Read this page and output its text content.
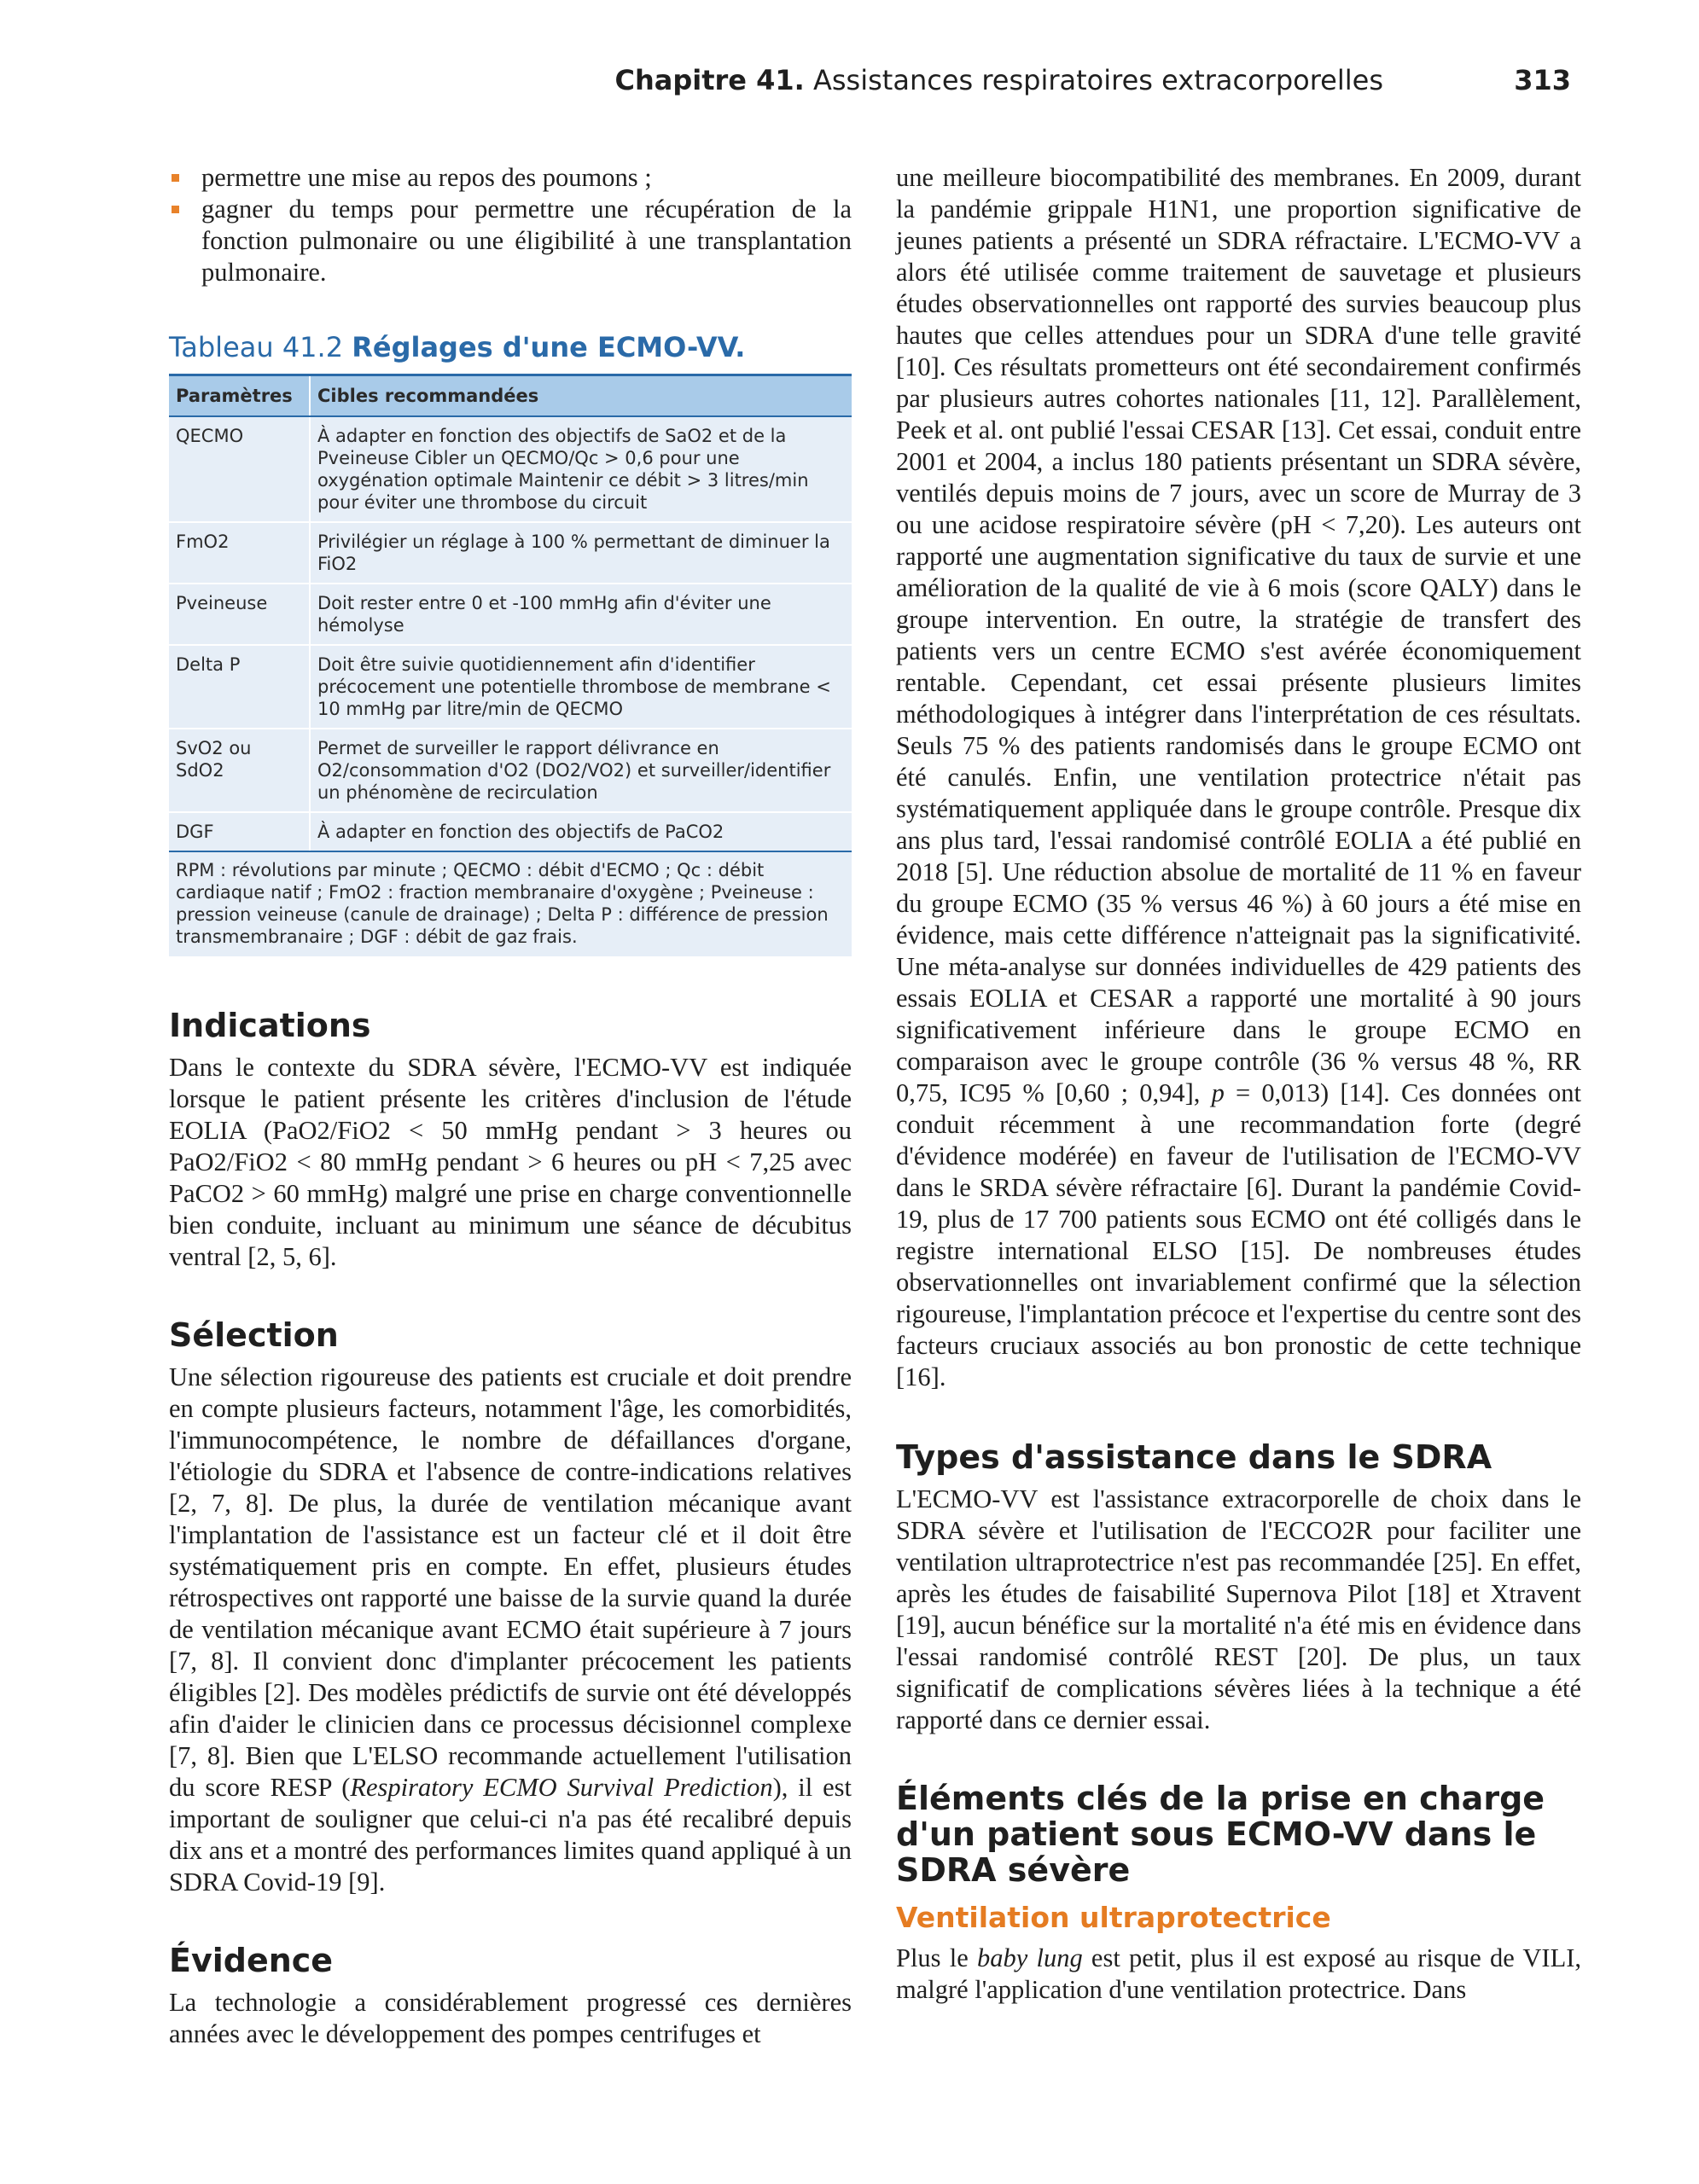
Chapitre 41. Assistances respiratoires extracorporelles	313
permettre une mise au repos des poumons ;
gagner du temps pour permettre une récupération de la fonction pulmonaire ou une éligibilité à une transplantation pulmonaire.
Tableau 41.2 Réglages d'une ECMO-VV.
Paramètres	Cibles recommandées
QECMO	À adapter en fonction des objectifs de SaO2 et de la Pveineuse Cibler un QECMO/Qc > 0,6 pour une oxygénation optimale Maintenir ce débit > 3 litres/min pour éviter une thrombose du circuit
FmO2	Privilégier un réglage à 100 % permettant de diminuer la FiO2
Pveineuse	Doit rester entre 0 et -100 mmHg afin d'éviter une hémolyse
Delta P	Doit être suivie quotidiennement afin d'identifier précocement une potentielle thrombose de membrane < 10 mmHg par litre/min de QECMO
SvO2 ou SdO2	Permet de surveiller le rapport délivrance en O2/consommation d'O2 (DO2/VO2) et surveiller/identifier un phénomène de recirculation
DGF	À adapter en fonction des objectifs de PaCO2
RPM : révolutions par minute ; QECMO : débit d'ECMO ; Qc : débit cardiaque natif ; FmO2 : fraction membranaire d'oxygène ; Pveineuse : pression veineuse (canule de drainage) ; Delta P : différence de pression transmembranaire ; DGF : débit de gaz frais.
Indications

Dans le contexte du SDRA sévère, l'ECMO-VV est indiquée lorsque le patient présente les critères d'inclusion de l'étude EOLIA (PaO2/FiO2 < 50 mmHg pendant > 3 heures ou PaO2/FiO2 < 80 mmHg pendant > 6 heures ou pH < 7,25 avec PaCO2 > 60 mmHg) malgré une prise en charge conventionnelle bien conduite, incluant au minimum une séance de décubitus ventral [2, 5, 6].

Sélection

Une sélection rigoureuse des patients est cruciale et doit prendre en compte plusieurs facteurs, notamment l'âge, les comorbidités, l'immunocompétence, le nombre de défaillances d'organe, l'étiologie du SDRA et l'absence de contre-indications relatives [2, 7, 8]. De plus, la durée de ventilation mécanique avant l'implantation de l'assistance est un facteur clé et il doit être systématiquement pris en compte. En effet, plusieurs études rétrospectives ont rapporté une baisse de la survie quand la durée de ventilation mécanique avant ECMO était supérieure à 7 jours [7, 8]. Il convient donc d'implanter précocement les patients éligibles [2]. Des modèles prédictifs de survie ont été développés afin d'aider le clinicien dans ce processus décisionnel complexe [7, 8]. Bien que L'ELSO recommande actuellement l'utilisation du score RESP (Respiratory ECMO Survival Prediction), il est important de souligner que celui-ci n'a pas été recalibré depuis dix ans et a montré des performances limites quand appliqué à un SDRA Covid-19 [9].

Évidence

La technologie a considérablement progressé ces dernières années avec le développement des pompes centrifuges et

une meilleure biocompatibilité des membranes. En 2009, durant la pandémie grippale H1N1, une proportion significative de jeunes patients a présenté un SDRA réfractaire. L'ECMO-VV a alors été utilisée comme traitement de sauvetage et plusieurs études observationnelles ont rapporté des survies beaucoup plus hautes que celles attendues pour un SDRA d'une telle gravité [10]. Ces résultats prometteurs ont été secondairement confirmés par plusieurs autres cohortes nationales [11, 12]. Parallèlement, Peek et al. ont publié l'essai CESAR [13]. Cet essai, conduit entre 2001 et 2004, a inclus 180 patients présentant un SDRA sévère, ventilés depuis moins de 7 jours, avec un score de Murray de 3 ou une acidose respiratoire sévère (pH < 7,20). Les auteurs ont rapporté une augmentation significative du taux de survie et une amélioration de la qualité de vie à 6 mois (score QALY) dans le groupe intervention. En outre, la stratégie de transfert des patients vers un centre ECMO s'est avérée économiquement rentable. Cependant, cet essai présente plusieurs limites méthodologiques à intégrer dans l'interprétation de ces résultats. Seuls 75 % des patients randomisés dans le groupe ECMO ont été canulés. Enfin, une ventilation protectrice n'était pas systématiquement appliquée dans le groupe contrôle. Presque dix ans plus tard, l'essai randomisé contrôlé EOLIA a été publié en 2018 [5]. Une réduction absolue de mortalité de 11 % en faveur du groupe ECMO (35 % versus 46 %) à 60 jours a été mise en évidence, mais cette différence n'atteignait pas la significativité. Une méta-analyse sur données individuelles de 429 patients des essais EOLIA et CESAR a rapporté une mortalité à 90 jours significativement inférieure dans le groupe ECMO en comparaison avec le groupe contrôle (36 % versus 48 %, RR 0,75, IC95 % [0,60 ; 0,94], p = 0,013) [14]. Ces données ont conduit récemment à une recommandation forte (degré d'évidence modérée) en faveur de l'utilisation de l'ECMO-VV dans le SRDA sévère réfractaire [6]. Durant la pandémie Covid-19, plus de 17 700 patients sous ECMO ont été colligés dans le registre international ELSO [15]. De nombreuses études observationnelles ont invariablement confirmé que la sélection rigoureuse, l'implantation précoce et l'expertise du centre sont des facteurs cruciaux associés au bon pronostic de cette technique [16].

Types d'assistance dans le SDRA

L'ECMO-VV est l'assistance extracorporelle de choix dans le SDRA sévère et l'utilisation de l'ECCO2R pour faciliter une ventilation ultraprotectrice n'est pas recommandée [25]. En effet, après les études de faisabilité Supernova Pilot [18] et Xtravent [19], aucun bénéfice sur la mortalité n'a été mis en évidence dans l'essai randomisé contrôlé REST [20]. De plus, un taux significatif de complications sévères liées à la technique a été rapporté dans ce dernier essai.

Éléments clés de la prise en charge d'un patient sous ECMO-VV dans le SDRA sévère
Ventilation ultraprotectrice

Plus le baby lung est petit, plus il est exposé au risque de VILI, malgré l'application d'une ventilation protectrice. Dans
